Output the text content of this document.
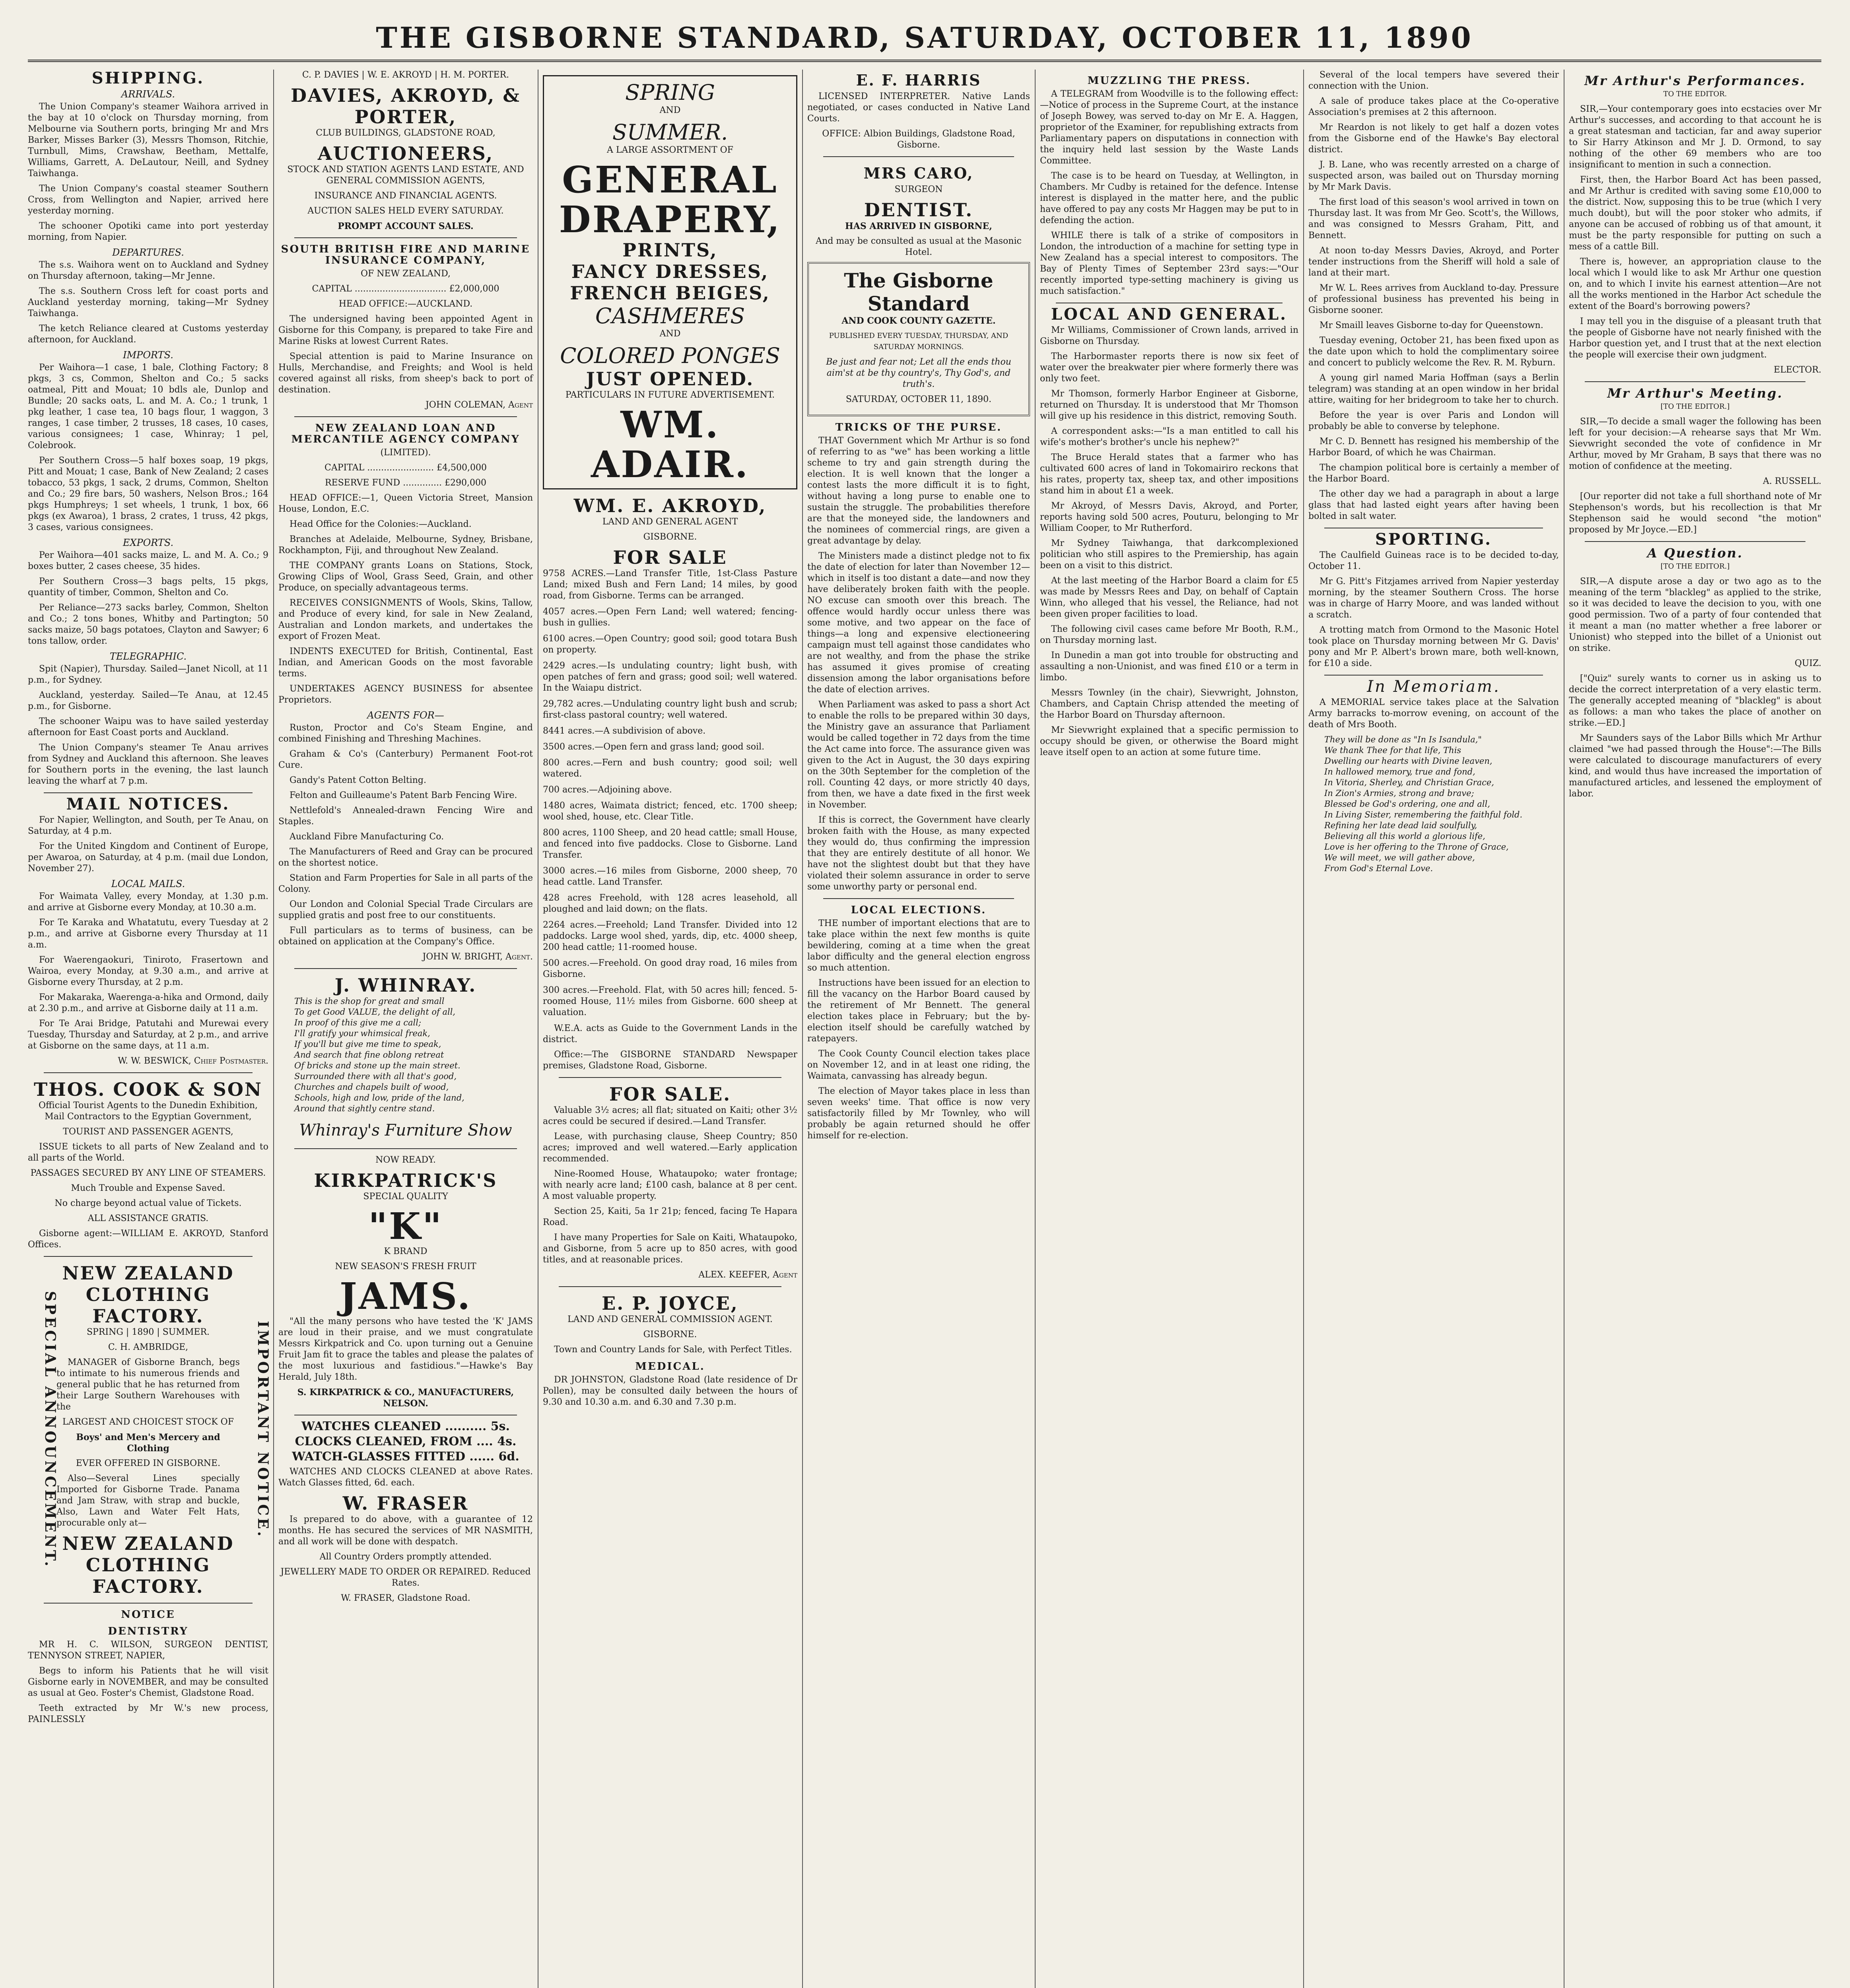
THE GISBORNE STANDARD, SATURDAY, OCTOBER 11, 1890
SHIPPING.
ARRIVALS.

The Union Company's steamer Waihora arrived in the bay at 10 o'clock on Thursday morning, from Melbourne via Southern ports, bringing Mr and Mrs Barker, Misses Barker (3), Messrs Thomson, Ritchie, Turnbull, Mims, Crawshaw, Beetham, Mettalfe, Williams, Garrett, A. DeLautour, Neill, and Sydney Taiwhanga.

The Union Company's coastal steamer Southern Cross, from Wellington and Napier, arrived here yesterday morning.

The schooner Opotiki came into port yesterday morning, from Napier.

DEPARTURES.

The s.s. Waihora went on to Auckland and Sydney on Thursday afternoon, taking—Mr Jenne.

The s.s. Southern Cross left for coast ports and Auckland yesterday morning, taking—Mr Sydney Taiwhanga.

The ketch Reliance cleared at Customs yesterday afternoon, for Auckland.

IMPORTS.

Per Waihora—1 case, 1 bale, Clothing Factory; 8 pkgs, 3 cs, Common, Shelton and Co.; 5 sacks oatmeal, Pitt and Mouat; 10 bdls ale, Dunlop and Bundle; 20 sacks oats, L. and M. A. Co.; 1 trunk, 1 pkg leather, 1 case tea, 10 bags flour, 1 waggon, 3 ranges, 1 case timber, 2 trusses, 18 cases, 10 cases, various consignees; 1 case, Whinray; 1 pel, Colebrook.

Per Southern Cross—5 half boxes soap, 19 pkgs, Pitt and Mouat; 1 case, Bank of New Zealand; 2 cases tobacco, 53 pkgs, 1 sack, 2 drums, Common, Shelton and Co.; 29 fire bars, 50 washers, Nelson Bros.; 164 pkgs Humphreys; 1 set wheels, 1 trunk, 1 box, 66 pkgs (ex Awaroa), 1 brass, 2 crates, 1 truss, 42 pkgs, 3 cases, various consignees.

EXPORTS.

Per Waihora—401 sacks maize, L. and M. A. Co.; 9 boxes butter, 2 cases cheese, 35 hides.

Per Southern Cross—3 bags pelts, 15 pkgs, quantity of timber, Common, Shelton and Co.

Per Reliance—273 sacks barley, Common, Shelton and Co.; 2 tons bones, Whitby and Partington; 50 sacks maize, 50 bags potatoes, Clayton and Sawyer; 6 tons tallow, order.

TELEGRAPHIC.

Spit (Napier), Thursday. Sailed—Janet Nicoll, at 11 p.m., for Sydney.

Auckland, yesterday. Sailed—Te Anau, at 12.45 p.m., for Gisborne.

The schooner Waipu was to have sailed yesterday afternoon for East Coast ports and Auckland.

The Union Company's steamer Te Anau arrives from Sydney and Auckland this afternoon. She leaves for Southern ports in the evening, the last launch leaving the wharf at 7 p.m.

MAIL NOTICES.

For Napier, Wellington, and South, per Te Anau, on Saturday, at 4 p.m.

For the United Kingdom and Continent of Europe, per Awaroa, on Saturday, at 4 p.m. (mail due London, November 27).

LOCAL MAILS.

For Waimata Valley, every Monday, at 1.30 p.m. and arrive at Gisborne every Monday, at 10.30 a.m.

For Te Karaka and Whatatutu, every Tuesday at 2 p.m., and arrive at Gisborne every Thursday at 11 a.m.

For Waerengaokuri, Tiniroto, Frasertown and Wairoa, every Monday, at 9.30 a.m., and arrive at Gisborne every Thursday, at 2 p.m.

For Makaraka, Waerenga-a-hika and Ormond, daily at 2.30 p.m., and arrive at Gisborne daily at 11 a.m.

For Te Arai Bridge, Patutahi and Murewai every Tuesday, Thursday and Saturday, at 2 p.m., and arrive at Gisborne on the same days, at 11 a.m.

W. W. BESWICK, Chief Postmaster.

THOS. COOK & SON

Official Tourist Agents to the Dunedin Exhibition, Mail Contractors to the Egyptian Government,

TOURIST AND PASSENGER AGENTS,

ISSUE tickets to all parts of New Zealand and to all parts of the World.

PASSAGES SECURED BY ANY LINE OF STEAMERS.

Much Trouble and Expense Saved.

No charge beyond actual value of Tickets.

ALL ASSISTANCE GRATIS.

Gisborne agent:—WILLIAM E. AKROYD, Stanford Offices.

SPECIAL ANNOUNCEMENT.	IMPORTANT NOTICE.
NEW ZEALAND CLOTHING FACTORY.

SPRING | 1890 | SUMMER.

C. H. AMBRIDGE,

MANAGER of Gisborne Branch, begs to intimate to his numerous friends and general public that he has returned from their Large Southern Warehouses with the

LARGEST AND CHOICEST STOCK OF

Boys' and Men's Mercery and Clothing

EVER OFFERED IN GISBORNE.

Also—Several Lines specially Imported for Gisborne Trade. Panama and Jam Straw, with strap and buckle, Also, Lawn and Water Felt Hats, procurable only at—

NEW ZEALAND CLOTHING FACTORY.
NOTICE
DENTISTRY

MR H. C. WILSON, SURGEON DENTIST, TENNYSON STREET, NAPIER,

Begs to inform his Patients that he will visit Gisborne early in NOVEMBER, and may be consulted as usual at Geo. Foster's Chemist, Gladstone Road.

Teeth extracted by Mr W.'s new process, PAINLESSLY

C. P. DAVIES | W. E. AKROYD | H. M. PORTER.

DAVIES, AKROYD, & PORTER,

CLUB BUILDINGS, GLADSTONE ROAD,

AUCTIONEERS,

STOCK AND STATION AGENTS LAND ESTATE, AND GENERAL COMMISSION AGENTS,

INSURANCE AND FINANCIAL AGENTS.

AUCTION SALES HELD EVERY SATURDAY.

PROMPT ACCOUNT SALES.

SOUTH BRITISH FIRE AND MARINE INSURANCE COMPANY,

OF NEW ZEALAND,

CAPITAL ................................. £2,000,000

HEAD OFFICE:—AUCKLAND.

The undersigned having been appointed Agent in Gisborne for this Company, is prepared to take Fire and Marine Risks at lowest Current Rates.

Special attention is paid to Marine Insurance on Hulls, Merchandise, and Freights; and Wool is held covered against all risks, from sheep's back to port of destination.

JOHN COLEMAN, Agent

NEW ZEALAND LOAN AND MERCANTILE AGENCY COMPANY

(LIMITED).

CAPITAL ........................ £4,500,000

RESERVE FUND .............. £290,000

HEAD OFFICE:—1, Queen Victoria Street, Mansion House, London, E.C.

Head Office for the Colonies:—Auckland.

Branches at Adelaide, Melbourne, Sydney, Brisbane, Rockhampton, Fiji, and throughout New Zealand.

THE COMPANY grants Loans on Stations, Stock, Growing Clips of Wool, Grass Seed, Grain, and other Produce, on specially advantageous terms.

RECEIVES CONSIGNMENTS of Wools, Skins, Tallow, and Produce of every kind, for sale in New Zealand, Australian and London markets, and undertakes the export of Frozen Meat.

INDENTS EXECUTED for British, Continental, East Indian, and American Goods on the most favorable terms.

UNDERTAKES AGENCY BUSINESS for absentee Proprietors.

AGENTS FOR—

Ruston, Proctor and Co's Steam Engine, and combined Finishing and Threshing Machines.

Graham & Co's (Canterbury) Permanent Foot-rot Cure.

Gandy's Patent Cotton Belting.

Felton and Guilleaume's Patent Barb Fencing Wire.

Nettlefold's Annealed-drawn Fencing Wire and Staples.

Auckland Fibre Manufacturing Co.

The Manufacturers of Reed and Gray can be procured on the shortest notice.

Station and Farm Properties for Sale in all parts of the Colony.

Our London and Colonial Special Trade Circulars are supplied gratis and post free to our constituents.

Full particulars as to terms of business, can be obtained on application at the Company's Office.

JOHN W. BRIGHT, Agent.

J. WHINRAY.

This is the shop for great and small
To get Good VALUE, the delight of all,
In proof of this give me a call;
I'll gratify your whimsical freak,
If you'll but give me time to speak,
And search that fine oblong retreat
Of bricks and stone up the main street.
Surrounded there with all that's good,
Churches and chapels built of wood,
Schools, high and low, pride of the land,
Around that sightly centre stand.

Whinray's Furniture Show

NOW READY.

KIRKPATRICK'S

SPECIAL QUALITY

"K"

K BRAND

NEW SEASON'S FRESH FRUIT

JAMS.

"All the many persons who have tested the 'K' JAMS are loud in their praise, and we must congratulate Messrs Kirkpatrick and Co. upon turning out a Genuine Fruit Jam fit to grace the tables and please the palates of the most luxurious and fastidious."—Hawke's Bay Herald, July 18th.

S. KIRKPATRICK & CO., MANUFACTURERS, NELSON.

WATCHES CLEANED .......... 5s.

CLOCKS CLEANED, FROM .... 4s.

WATCH-GLASSES FITTED ...... 6d.

WATCHES AND CLOCKS CLEANED at above Rates. Watch Glasses fitted, 6d. each.

W. FRASER

Is prepared to do above, with a guarantee of 12 months. He has secured the services of MR NASMITH, and all work will be done with despatch.

All Country Orders promptly attended.

JEWELLERY MADE TO ORDER OR REPAIRED. Reduced Rates.

W. FRASER, Gladstone Road.

SPRING

AND

SUMMER.

A LARGE ASSORTMENT OF

GENERAL
DRAPERY,
PRINTS,
FANCY DRESSES,
FRENCH BEIGES,
CASHMERES

AND

COLORED PONGES
JUST OPENED.

PARTICULARS IN FUTURE ADVERTISEMENT.

WM. ADAIR.
WM. E. AKROYD,

LAND AND GENERAL AGENT

GISBORNE.

FOR SALE

9758 ACRES.—Land Transfer Title, 1st-Class Pasture Land; mixed Bush and Fern Land; 14 miles, by good road, from Gisborne. Terms can be arranged.

4057 acres.—Open Fern Land; well watered; fencing-bush in gullies.

6100 acres.—Open Country; good soil; good totara Bush on property.

2429 acres.—Is undulating country; light bush, with open patches of fern and grass; good soil; well watered. In the Waiapu district.

29,782 acres.—Undulating country light bush and scrub; first-class pastoral country; well watered.

8441 acres.—A subdivision of above.

3500 acres.—Open fern and grass land; good soil.

800 acres.—Fern and bush country; good soil; well watered.

700 acres.—Adjoining above.

1480 acres, Waimata district; fenced, etc. 1700 sheep; wool shed, house, etc. Clear Title.

800 acres, 1100 Sheep, and 20 head cattle; small House, and fenced into five paddocks. Close to Gisborne. Land Transfer.

3000 acres.—16 miles from Gisborne, 2000 sheep, 70 head cattle. Land Transfer.

428 acres Freehold, with 128 acres leasehold, all ploughed and laid down; on the flats.

2264 acres.—Freehold; Land Transfer. Divided into 12 paddocks. Large wool shed, yards, dip, etc. 4000 sheep, 200 head cattle; 11-roomed house.

500 acres.—Freehold. On good dray road, 16 miles from Gisborne.

300 acres.—Freehold. Flat, with 50 acres hill; fenced. 5-roomed House, 11½ miles from Gisborne. 600 sheep at valuation.

W.E.A. acts as Guide to the Government Lands in the district.

Office:—The GISBORNE STANDARD Newspaper premises, Gladstone Road, Gisborne.

FOR SALE.

Valuable 3½ acres; all flat; situated on Kaiti; other 3½ acres could be secured if desired.—Land Transfer.

Lease, with purchasing clause, Sheep Country; 850 acres; improved and well watered.—Early application recommended.

Nine-Roomed House, Whataupoko; water frontage; with nearly acre land; £100 cash, balance at 8 per cent. A most valuable property.

Section 25, Kaiti, 5a 1r 21p; fenced, facing Te Hapara Road.

I have many Properties for Sale on Kaiti, Whataupoko, and Gisborne, from 5 acre up to 850 acres, with good titles, and at reasonable prices.

ALEX. KEEFER, Agent

E. P. JOYCE,

LAND AND GENERAL COMMISSION AGENT.

GISBORNE.

Town and Country Lands for Sale, with Perfect Titles.

MEDICAL.

DR JOHNSTON, Gladstone Road (late residence of Dr Pollen), may be consulted daily between the hours of 9.30 and 10.30 a.m. and 6.30 and 7.30 p.m.

E. F. HARRIS

LICENSED INTERPRETER. Native Lands negotiated, or cases conducted in Native Land Courts.

OFFICE: Albion Buildings, Gladstone Road, Gisborne.

MRS CARO,

SURGEON

DENTIST.

HAS ARRIVED IN GISBORNE,

And may be consulted as usual at the Masonic Hotel.

The Gisborne Standard

AND COOK COUNTY GAZETTE.

PUBLISHED EVERY TUESDAY, THURSDAY, AND SATURDAY MORNINGS.

Be just and fear not; Let all the ends thou aim'st at be thy country's, Thy God's, and truth's.

SATURDAY, OCTOBER 11, 1890.

TRICKS OF THE PURSE.

THAT Government which Mr Arthur is so fond of referring to as "we" has been working a little scheme to try and gain strength during the election. It is well known that the longer a contest lasts the more difficult it is to fight, without having a long purse to enable one to sustain the struggle. The probabilities therefore are that the moneyed side, the landowners and the nominees of commercial rings, are given a great advantage by delay.

The Ministers made a distinct pledge not to fix the date of election for later than November 12—which in itself is too distant a date—and now they have deliberately broken faith with the people. NO excuse can smooth over this breach. The offence would hardly occur unless there was some motive, and two appear on the face of things—a long and expensive electioneering campaign must tell against those candidates who are not wealthy, and from the phase the strike has assumed it gives promise of creating dissension among the labor organisations before the date of election arrives.

When Parliament was asked to pass a short Act to enable the rolls to be prepared within 30 days, the Ministry gave an assurance that Parliament would be called together in 72 days from the time the Act came into force. The assurance given was given to the Act in August, the 30 days expiring on the 30th September for the completion of the roll. Counting 42 days, or more strictly 40 days, from then, we have a date fixed in the first week in November.

If this is correct, the Government have clearly broken faith with the House, as many expected they would do, thus confirming the impression that they are entirely destitute of all honor. We have not the slightest doubt but that they have violated their solemn assurance in order to serve some unworthy party or personal end.

LOCAL ELECTIONS.

THE number of important elections that are to take place within the next few months is quite bewildering, coming at a time when the great labor difficulty and the general election engross so much attention.

Instructions have been issued for an election to fill the vacancy on the Harbor Board caused by the retirement of Mr Bennett. The general election takes place in February; but the by-election itself should be carefully watched by ratepayers.

The Cook County Council election takes place on November 12, and in at least one riding, the Waimata, canvassing has already begun.

The election of Mayor takes place in less than seven weeks' time. That office is now very satisfactorily filled by Mr Townley, who will probably be again returned should he offer himself for re-election.

MUZZLING THE PRESS.

A TELEGRAM from Woodville is to the following effect:—Notice of process in the Supreme Court, at the instance of Joseph Bowey, was served to-day on Mr E. A. Haggen, proprietor of the Examiner, for republishing extracts from Parliamentary papers on disputations in connection with the inquiry held last session by the Waste Lands Committee.

The case is to be heard on Tuesday, at Wellington, in Chambers. Mr Cudby is retained for the defence. Intense interest is displayed in the matter here, and the public have offered to pay any costs Mr Haggen may be put to in defending the action.

WHILE there is talk of a strike of compositors in London, the introduction of a machine for setting type in New Zealand has a special interest to compositors. The Bay of Plenty Times of September 23rd says:—"Our recently imported type-setting machinery is giving us much satisfaction."

LOCAL AND GENERAL.

Mr Williams, Commissioner of Crown lands, arrived in Gisborne on Thursday.

The Harbormaster reports there is now six feet of water over the breakwater pier where formerly there was only two feet.

Mr Thomson, formerly Harbor Engineer at Gisborne, returned on Thursday. It is understood that Mr Thomson will give up his residence in this district, removing South.

A correspondent asks:—"Is a man entitled to call his wife's mother's brother's uncle his nephew?"

The Bruce Herald states that a farmer who has cultivated 600 acres of land in Tokomairiro reckons that his rates, property tax, sheep tax, and other impositions stand him in about £1 a week.

Mr Akroyd, of Messrs Davis, Akroyd, and Porter, reports having sold 500 acres, Pouturu, belonging to Mr William Cooper, to Mr Rutherford.

Mr Sydney Taiwhanga, that darkcomplexioned politician who still aspires to the Premiership, has again been on a visit to this district.

At the last meeting of the Harbor Board a claim for £5 was made by Messrs Rees and Day, on behalf of Captain Winn, who alleged that his vessel, the Reliance, had not been given proper facilities to load.

The following civil cases came before Mr Booth, R.M., on Thursday morning last.

In Dunedin a man got into trouble for obstructing and assaulting a non-Unionist, and was fined £10 or a term in limbo.

Messrs Townley (in the chair), Sievwright, Johnston, Chambers, and Captain Chrisp attended the meeting of the Harbor Board on Thursday afternoon.

Mr Sievwright explained that a specific permission to occupy should be given, or otherwise the Board might leave itself open to an action at some future time.

Several of the local tempers have severed their connection with the Union.

A sale of produce takes place at the Co-operative Association's premises at 2 this afternoon.

Mr Reardon is not likely to get half a dozen votes from the Gisborne end of the Hawke's Bay electoral district.

J. B. Lane, who was recently arrested on a charge of suspected arson, was bailed out on Thursday morning by Mr Mark Davis.

The first load of this season's wool arrived in town on Thursday last. It was from Mr Geo. Scott's, the Willows, and was consigned to Messrs Graham, Pitt, and Bennett.

At noon to-day Messrs Davies, Akroyd, and Porter tender instructions from the Sheriff will hold a sale of land at their mart.

Mr W. L. Rees arrives from Auckland to-day. Pressure of professional business has prevented his being in Gisborne sooner.

Mr Smaill leaves Gisborne to-day for Queenstown.

Tuesday evening, October 21, has been fixed upon as the date upon which to hold the complimentary soiree and concert to publicly welcome the Rev. R. M. Ryburn.

A young girl named Maria Hoffman (says a Berlin telegram) was standing at an open window in her bridal attire, waiting for her bridegroom to take her to church.

Before the year is over Paris and London will probably be able to converse by telephone.

Mr C. D. Bennett has resigned his membership of the Harbor Board, of which he was Chairman.

The champion political bore is certainly a member of the Harbor Board.

The other day we had a paragraph in about a large glass that had lasted eight years after having been bolted in salt water.

SPORTING.

The Caulfield Guineas race is to be decided to-day, October 11.

Mr G. Pitt's Fitzjames arrived from Napier yesterday morning, by the steamer Southern Cross. The horse was in charge of Harry Moore, and was landed without a scratch.

A trotting match from Ormond to the Masonic Hotel took place on Thursday morning between Mr G. Davis' pony and Mr P. Albert's brown mare, both well-known, for £10 a side.

In Memoriam.

A MEMORIAL service takes place at the Salvation Army barracks to-morrow evening, on account of the death of Mrs Booth.

They will be done as "In Is Isandula,"
We thank Thee for that life, This
Dwelling our hearts with Divine leaven,
In hallowed memory, true and fond,
In Vitoria, Sherley, and Christian Grace,
In Zion's Armies, strong and brave;
Blessed be God's ordering, one and all,
In Living Sister, remembering the faithful fold.
Refining her late dead laid soulfully,
Believing all this world a glorious life,
Love is her offering to the Throne of Grace,
We will meet, we will gather above,
From God's Eternal Love.

Mr Arthur's Performances.

TO THE EDITOR.

SIR,—Your contemporary goes into ecstacies over Mr Arthur's successes, and according to that account he is a great statesman and tactician, far and away superior to Sir Harry Atkinson and Mr J. D. Ormond, to say nothing of the other 69 members who are too insignificant to mention in such a connection.

First, then, the Harbor Board Act has been passed, and Mr Arthur is credited with saving some £10,000 to the district. Now, supposing this to be true (which I very much doubt), but will the poor stoker who admits, if anyone can be accused of robbing us of that amount, it must be the party responsible for putting on such a mess of a cattle Bill.

There is, however, an appropriation clause to the local which I would like to ask Mr Arthur one question on, and to which I invite his earnest attention—Are not all the works mentioned in the Harbor Act schedule the extent of the Board's borrowing powers?

I may tell you in the disguise of a pleasant truth that the people of Gisborne have not nearly finished with the Harbor question yet, and I trust that at the next election the people will exercise their own judgment.

ELECTOR.

Mr Arthur's Meeting.

[TO THE EDITOR.]

SIR,—To decide a small wager the following has been left for your decision:—A rehearse says that Mr Wm. Sievwright seconded the vote of confidence in Mr Arthur, moved by Mr Graham, B says that there was no motion of confidence at the meeting.

A. RUSSELL.

[Our reporter did not take a full shorthand note of Mr Stephenson's words, but his recollection is that Mr Stephenson said he would second "the motion" proposed by Mr Joyce.—ED.]

A Question.

[TO THE EDITOR.]

SIR,—A dispute arose a day or two ago as to the meaning of the term "blackleg" as applied to the strike, so it was decided to leave the decision to you, with one good permission. Two of a party of four contended that it meant a man (no matter whether a free laborer or Unionist) who stepped into the billet of a Unionist out on strike.

QUIZ.

["Quiz" surely wants to corner us in asking us to decide the correct interpretation of a very elastic term. The generally accepted meaning of "blackleg" is about as follows: a man who takes the place of another on strike.—ED.]

Mr Saunders says of the Labor Bills which Mr Arthur claimed "we had passed through the House":—The Bills were calculated to discourage manufacturers of every kind, and would thus have increased the importation of manufactured articles, and lessened the employment of labor.
